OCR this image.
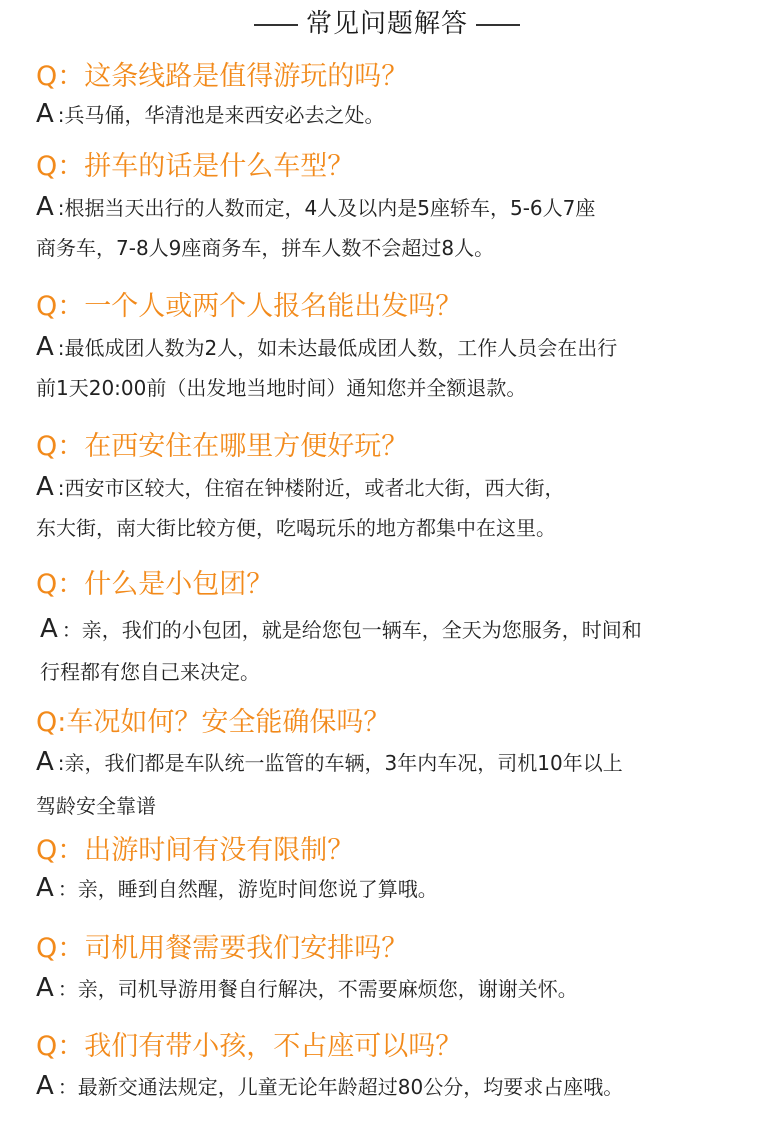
常见问题解答
Q：这条线路是值得游玩的吗？
A :兵马俑，华清池是来西安必去之处。
Q：拼车的话是什么车型？
A :根据当天出行的人数而定，4人及以内是5座轿车，5-6人7座
商务车，7-8人9座商务车，拼车人数不会超过8人。
Q：一个人或两个人报名能出发吗？
A :最低成团人数为2人，如未达最低成团人数，工作人员会在出行
前1天20:00前（出发地当地时间）通知您并全额退款。
Q：在西安住在哪里方便好玩？
A :西安市区较大，住宿在钟楼附近，或者北大街，西大街，
东大街，南大街比较方便，吃喝玩乐的地方都集中在这里。
Q：什么是小包团？
A ：亲，我们的小包团，就是给您包一辆车，全天为您服务，时间和
行程都有您自己来决定。
Q:车况如何？安全能确保吗？
A :亲，我们都是车队统一监管的车辆，3年内车况，司机10年以上
驾龄安全靠谱
Q：出游时间有没有限制？
A ：亲，睡到自然醒，游览时间您说了算哦。
Q：司机用餐需要我们安排吗？
A ：亲，司机导游用餐自行解决，不需要麻烦您，谢谢关怀。
Q：我们有带小孩，不占座可以吗？
A ：最新交通法规定，儿童无论年龄超过80公分，均要求占座哦。
